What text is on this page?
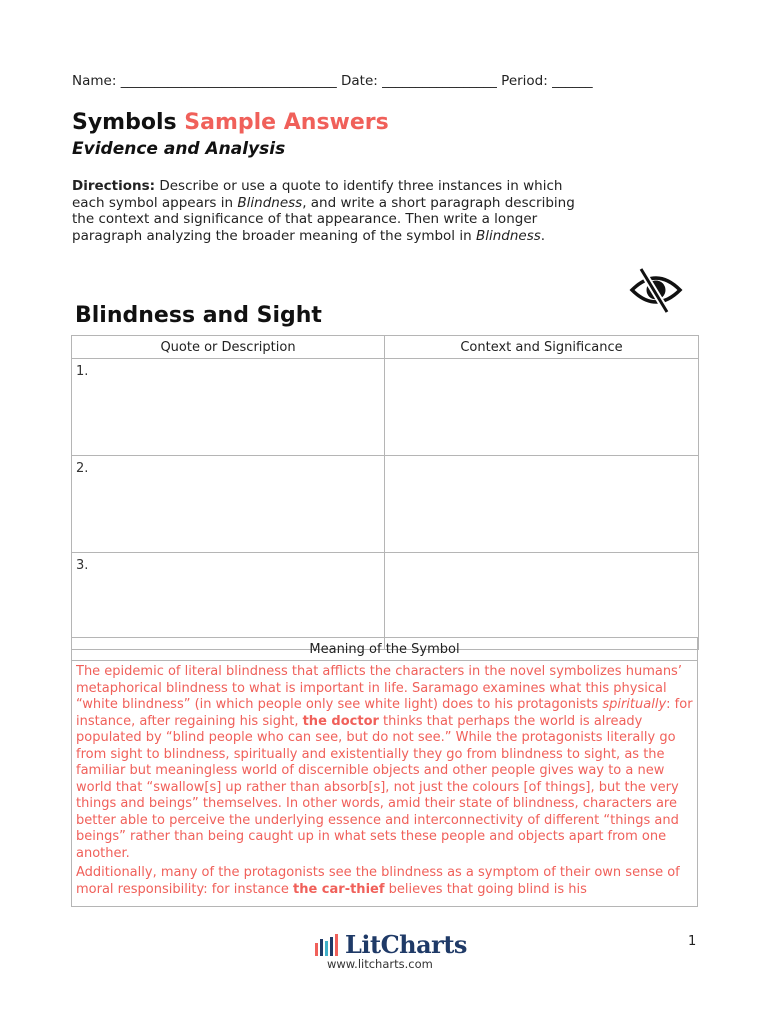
Name: ________________________________ Date: _________________ Period: ______
Symbols Sample Answers
Evidence and Analysis
Directions: Describe or use a quote to identify three instances in which each symbol appears in Blindness, and write a short paragraph describing the context and significance of that appearance. Then write a longer paragraph analyzing the broader meaning of the symbol in Blindness.
Blindness and Sight
Quote or Description	Context and Significance
1.	
2.	
3.	
Meaning of the Symbol

The epidemic of literal blindness that afflicts the characters in the novel symbolizes humans’ metaphorical blindness to what is important in life. Saramago examines what this physical “white blindness” (in which people only see white light) does to his protagonists spiritually: for instance, after regaining his sight, the doctor thinks that perhaps the world is already populated by “blind people who can see, but do not see.” While the protagonists literally go from sight to blindness, spiritually and existentially they go from blindness to sight, as the familiar but meaningless world of discernible objects and other people gives way to a new world that “swallow[s] up rather than absorb[s], not just the colours [of things], but the very things and beings” themselves. In other words, amid their state of blindness, characters are better able to perceive the underlying essence and interconnectivity of different “things and beings” rather than being caught up in what sets these people and objects apart from one another.

Additionally, many of the protagonists see the blindness as a symptom of their own sense of moral responsibility: for instance the car-thief believes that going blind is his

LitCharts
www.litcharts.com
1
